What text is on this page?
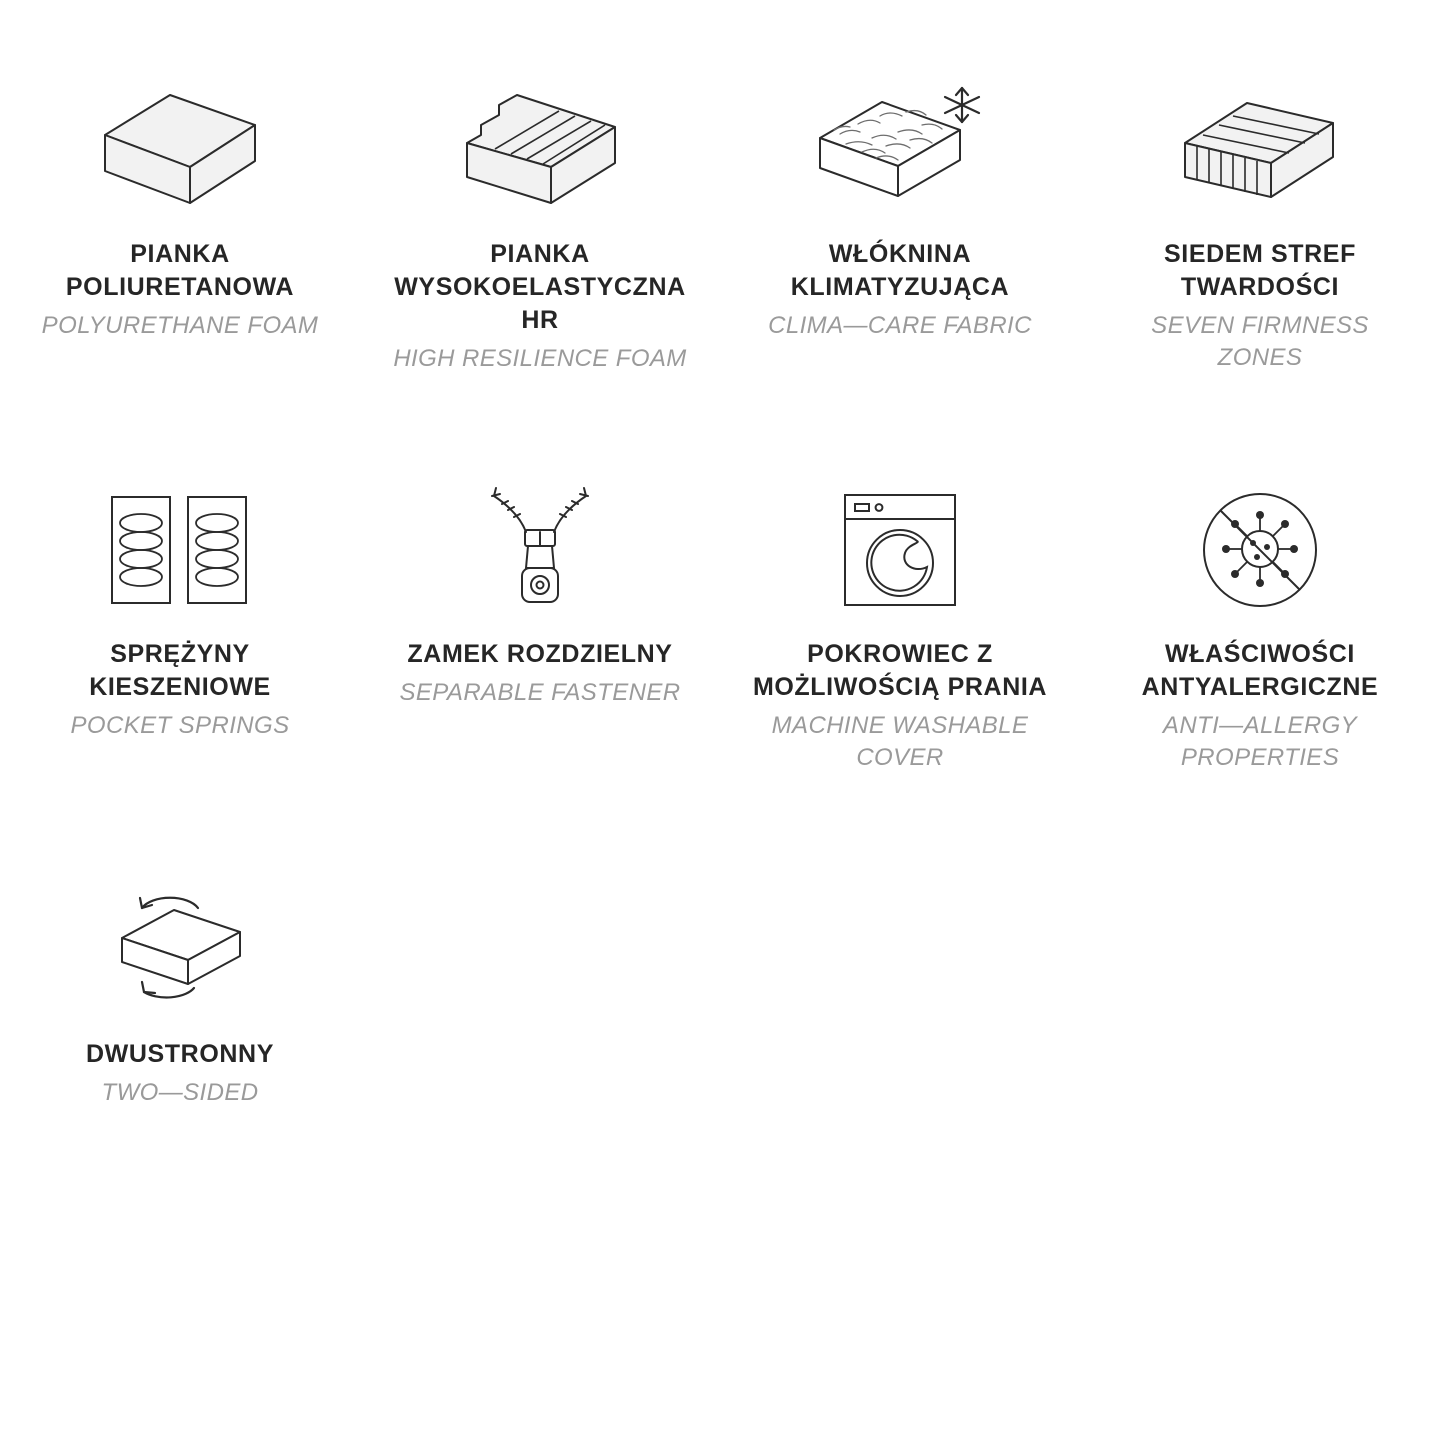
PIANKA POLIURETANOWA
POLYURETHANE FOAM
PIANKA WYSOKOELASTYCZNA HR
HIGH RESILIENCE FOAM
WŁÓKNINA KLIMATYZUJĄCA
CLIMA—CARE FABRIC
SIEDEM STREF TWARDOŚCI
SEVEN FIRMNESS ZONES
SPRĘŻYNY KIESZENIOWE
POCKET SPRINGS
ZAMEK ROZDZIELNY
SEPARABLE FASTENER
POKROWIEC Z MOŻLIWOŚCIĄ PRANIA
MACHINE WASHABLE COVER
WŁAŚCIWOŚCI ANTYALERGICZNE
ANTI—ALLERGY PROPERTIES
DWUSTRONNY
TWO—SIDED
